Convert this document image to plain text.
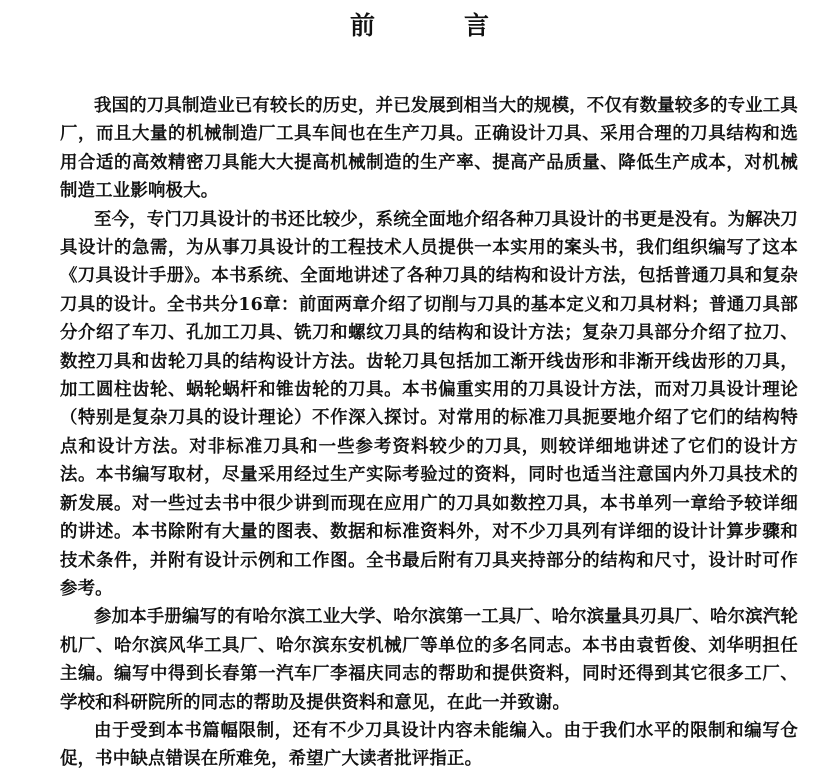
前　言

我国的刀具制造业已有较长的历史，并已发展到相当大的规模，不仅有数量较多的专业工具厂，而且大量的机械制造厂工具车间也在生产刀具。正确设计刀具、采用合理的刀具结构和选用合适的高效精密刀具能大大提高机械制造的生产率、提高产品质量、降低生产成本，对机械制造工业影响极大。

至今，专门刀具设计的书还比较少，系统全面地介绍各种刀具设计的书更是没有。为解决刀具设计的急需，为从事刀具设计的工程技术人员提供一本实用的案头书，我们组织编写了这本《刀具设计手册》。本书系统、全面地讲述了各种刀具的结构和设计方法，包括普通刀具和复杂刀具的设计。全书共分16章：前面两章介绍了切削与刀具的基本定义和刀具材料；普通刀具部分介绍了车刀、孔加工刀具、铣刀和螺纹刀具的结构和设计方法；复杂刀具部分介绍了拉刀、数控刀具和齿轮刀具的结构设计方法。齿轮刀具包括加工渐开线齿形和非渐开线齿形的刀具，加工圆柱齿轮、蜗轮蜗杆和锥齿轮的刀具。本书偏重实用的刀具设计方法，而对刀具设计理论（特别是复杂刀具的设计理论）不作深入探讨。对常用的标准刀具扼要地介绍了它们的结构特点和设计方法。对非标准刀具和一些参考资料较少的刀具，则较详细地讲述了它们的设计方法。本书编写取材，尽量采用经过生产实际考验过的资料，同时也适当注意国内外刀具技术的新发展。对一些过去书中很少讲到而现在应用广的刀具如数控刀具，本书单列一章给予较详细的讲述。本书除附有大量的图表、数据和标准资料外，对不少刀具列有详细的设计计算步骤和技术条件，并附有设计示例和工作图。全书最后附有刀具夹持部分的结构和尺寸，设计时可作参考。

参加本手册编写的有哈尔滨工业大学、哈尔滨第一工具厂、哈尔滨量具刃具厂、哈尔滨汽轮机厂、哈尔滨风华工具厂、哈尔滨东安机械厂等单位的多名同志。本书由袁哲俊、刘华明担任主编。编写中得到长春第一汽车厂李福庆同志的帮助和提供资料，同时还得到其它很多工厂、学校和科研院所的同志的帮助及提供资料和意见，在此一并致谢。

由于受到本书篇幅限制，还有不少刀具设计内容未能编入。由于我们水平的限制和编写仓促，书中缺点错误在所难免，希望广大读者批评指正。
